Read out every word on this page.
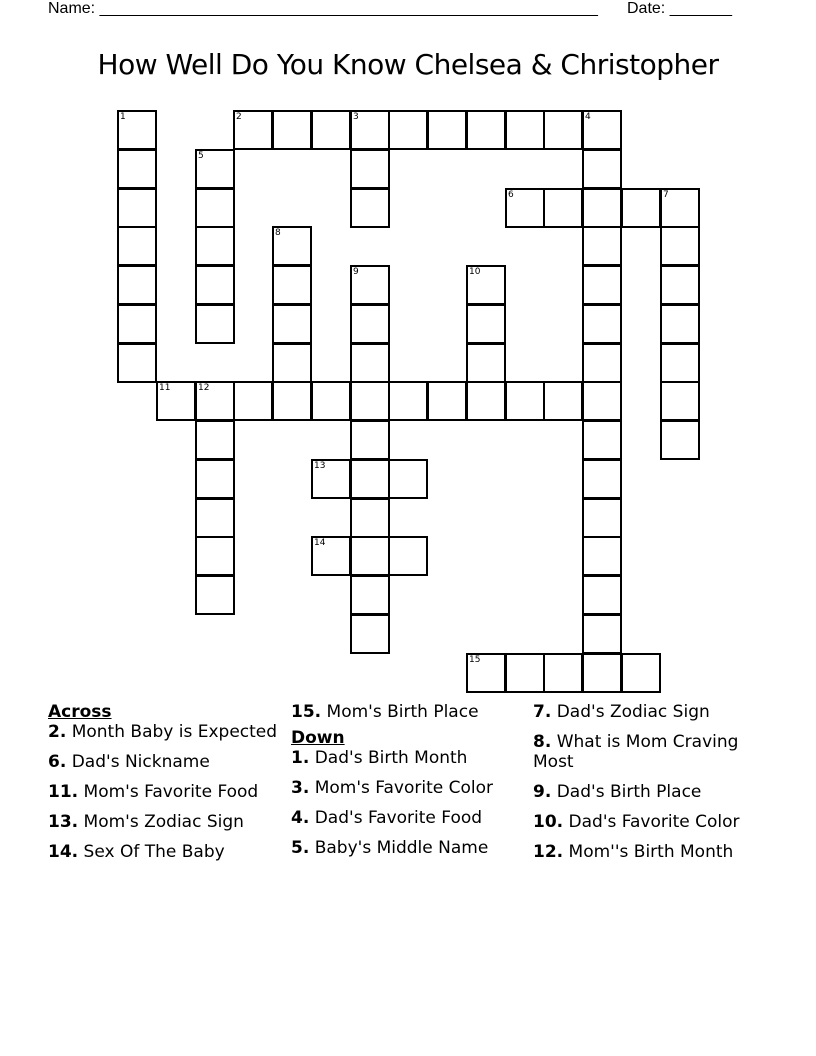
Name: ________________________________________________________ Date: _______
How Well Do You Know Chelsea & Christopher
2	3
6	7
11	12
13
14
15
1	4
5
8
9	10
Across
2. Month Baby is Expected
6. Dad's Nickname
11. Mom's Favorite Food
13. Mom's Zodiac Sign
14. Sex Of The Baby
15. Mom's Birth Place
Down
1. Dad's Birth Month
3. Mom's Favorite Color
4. Dad's Favorite Food
5. Baby's Middle Name
7. Dad's Zodiac Sign
8. What is Mom Craving Most
9. Dad's Birth Place
10. Dad's Favorite Color
12. Mom''s Birth Month
